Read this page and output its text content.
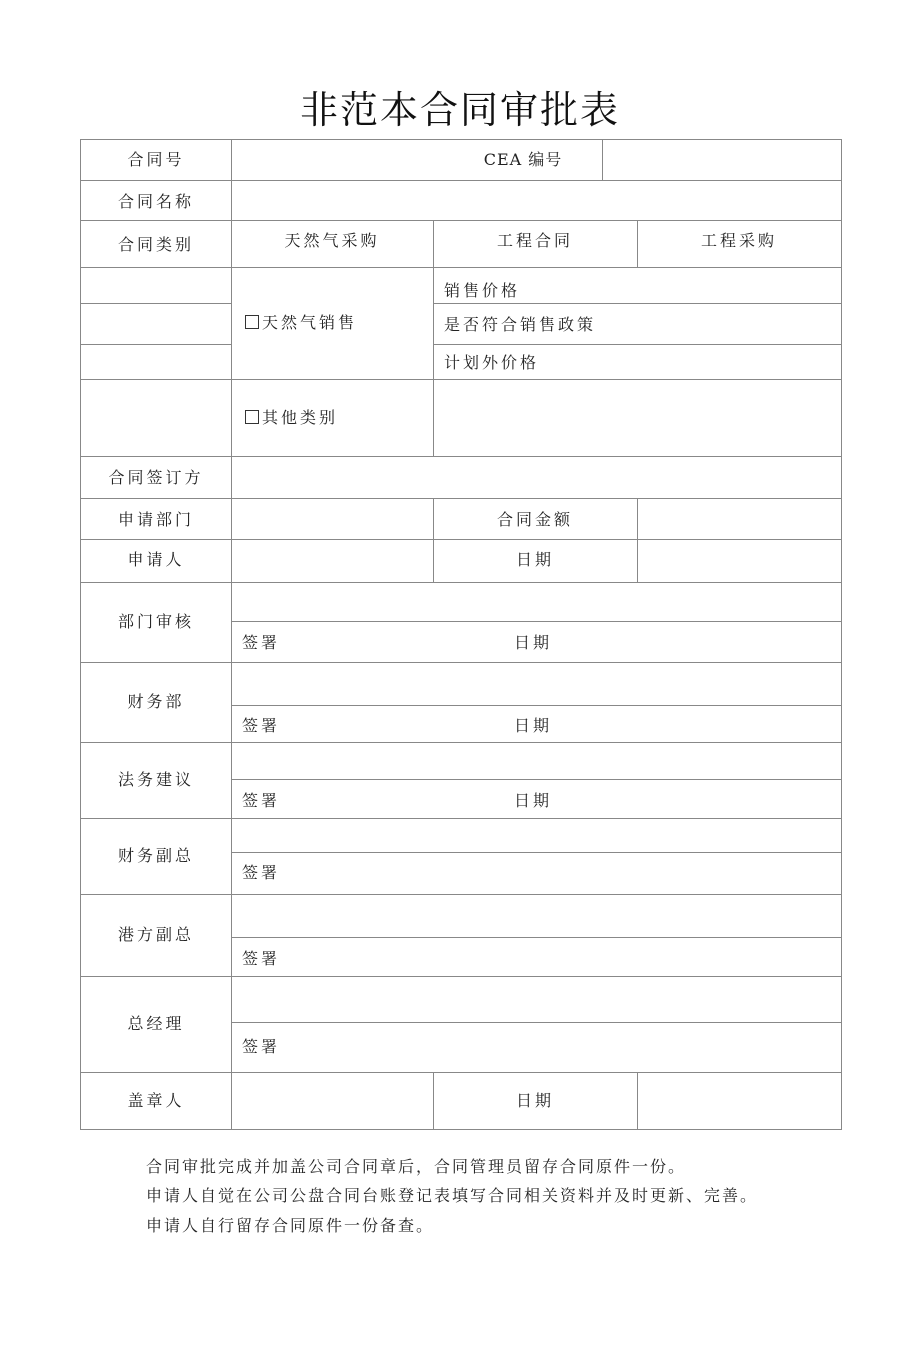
非范本合同审批表
合同号	CEA 编号
合同名称
合同类别	天然气采购	工程合同	工程采购
天然气销售
销售价格
是否符合销售政策
计划外价格
其他类别
合同签订方
申请部门	合同金额
申请人	日期
部门审核
签署	日期
财务部
签署	日期
法务建议
签署	日期
财务副总
签署
港方副总
签署
总经理
签署
盖章人	日期
合同审批完成并加盖公司合同章后，合同管理员留存合同原件一份。
申请人自觉在公司公盘合同台账登记表填写合同相关资料并及时更新、完善。
申请人自行留存合同原件一份备查。
